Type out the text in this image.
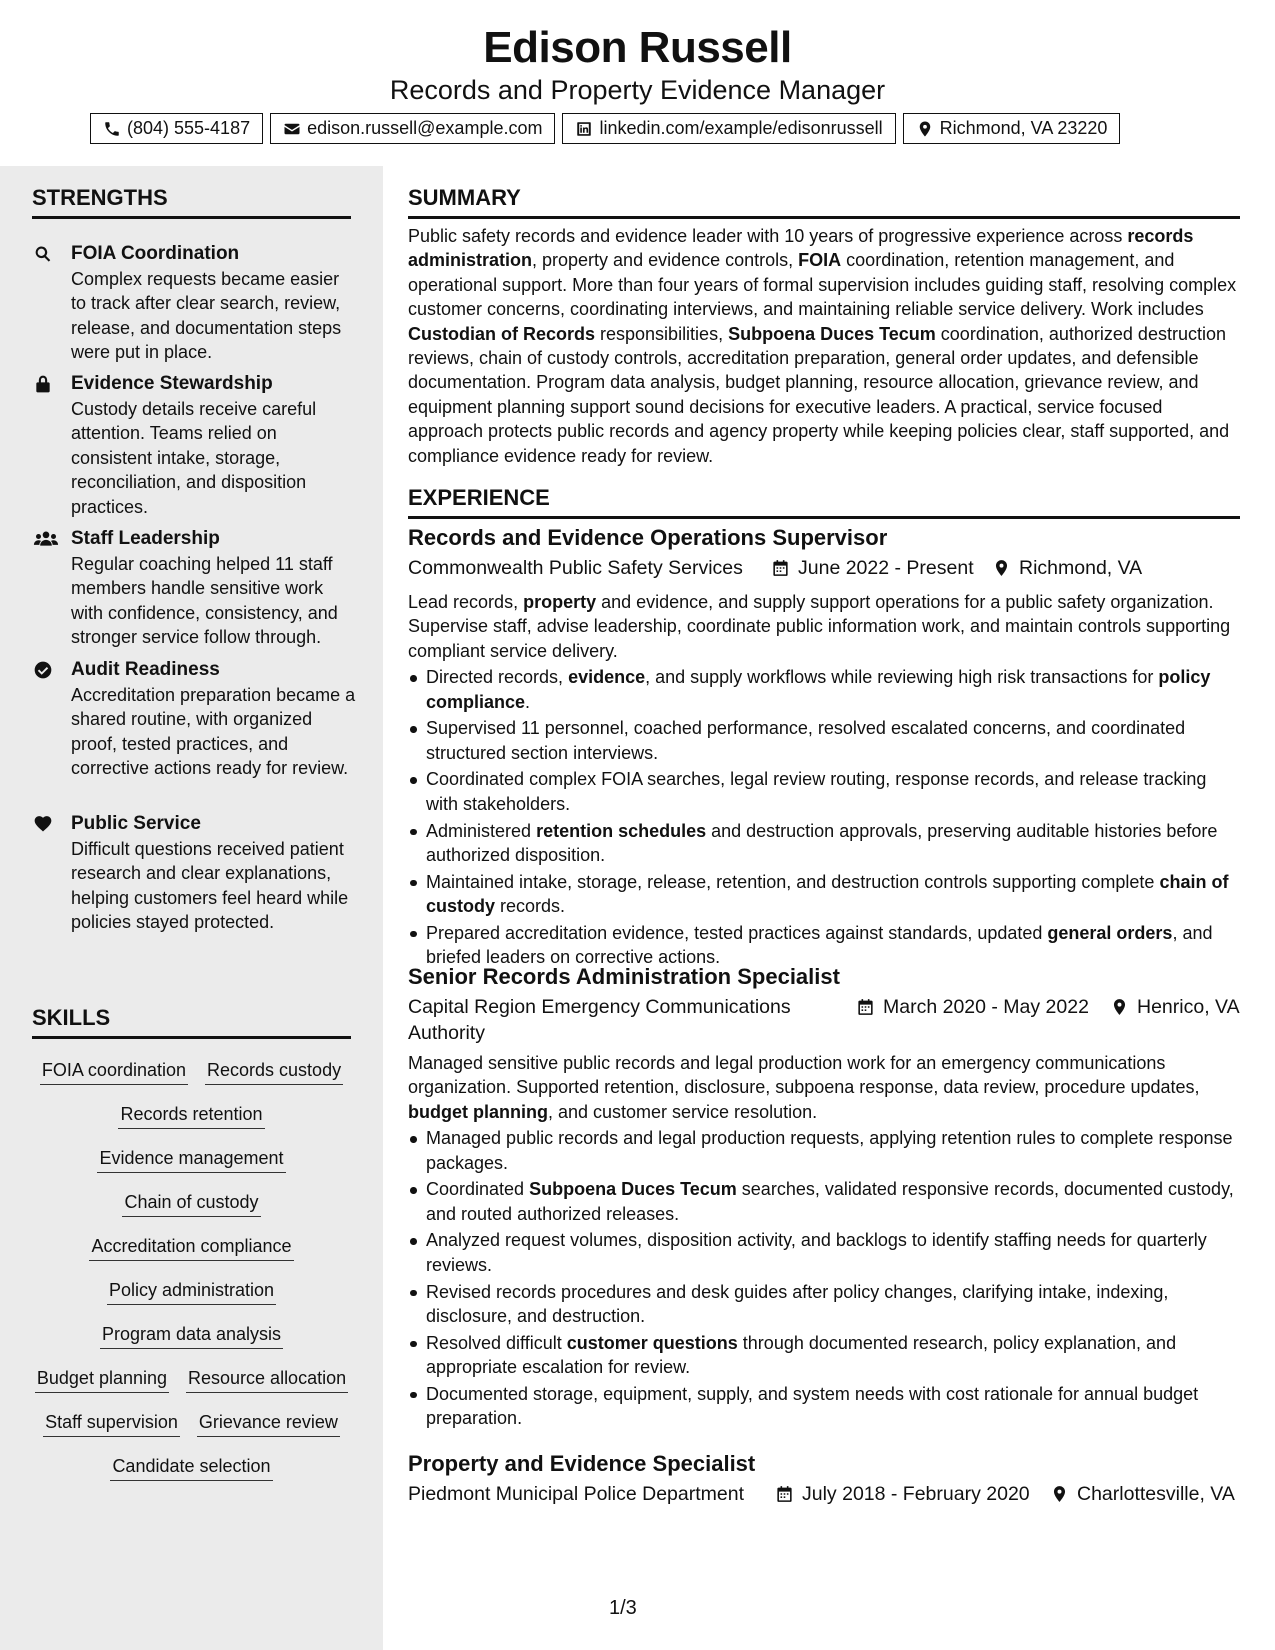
Edison Russell
Records and Property Evidence Manager
(804) 555-4187	edison.russell@example.com	linkedin.com/example/edisonrussell	Richmond, VA 23220
STRENGTHS
FOIA Coordination
Complex requests became easier to track after clear search, review, release, and documentation steps were put in place.
Evidence Stewardship
Custody details receive careful attention. Teams relied on consistent intake, storage, reconciliation, and disposition practices.
Staff Leadership
Regular coaching helped 11 staff members handle sensitive work with confidence, consistency, and stronger service follow through.
Audit Readiness
Accreditation preparation became a shared routine, with organized proof, tested practices, and corrective actions ready for review.
Public Service
Difficult questions received patient research and clear explanations, helping customers feel heard while policies stayed protected.
SKILLS
FOIA coordination Records custody
Records retention
Evidence management
Chain of custody
Accreditation compliance
Policy administration
Program data analysis
Budget planning Resource allocation
Staff supervision Grievance review
Candidate selection
SUMMARY
Public safety records and evidence leader with 10 years of progressive experience across records administration, property and evidence controls, FOIA coordination, retention management, and operational support. More than four years of formal supervision includes guiding staff, resolving complex customer concerns, coordinating interviews, and maintaining reliable service delivery. Work includes Custodian of Records responsibilities, Subpoena Duces Tecum coordination, authorized destruction reviews, chain of custody controls, accreditation preparation, general order updates, and defensible documentation. Program data analysis, budget planning, resource allocation, grievance review, and equipment planning support sound decisions for executive leaders. A practical, service focused approach protects public records and agency property while keeping policies clear, staff supported, and compliance evidence ready for review.
EXPERIENCE
Records and Evidence Operations Supervisor
Commonwealth Public Safety Services	June 2022 - Present Richmond, VA
Lead records, property and evidence, and supply support operations for a public safety organization. Supervise staff, advise leadership, coordinate public information work, and maintain controls supporting compliant service delivery.
Directed records, evidence, and supply workflows while reviewing high risk transactions for policy compliance.
Supervised 11 personnel, coached performance, resolved escalated concerns, and coordinated structured section interviews.
Coordinated complex FOIA searches, legal review routing, response records, and release tracking with stakeholders.
Administered retention schedules and destruction approvals, preserving auditable histories before authorized disposition.
Maintained intake, storage, release, retention, and destruction controls supporting complete chain of custody records.
Prepared accreditation evidence, tested practices against standards, updated general orders, and briefed leaders on corrective actions.
Senior Records Administration Specialist
Capital Region Emergency Communications Authority
March 2020 - May 2022 Henrico, VA
Managed sensitive public records and legal production work for an emergency communications organization. Supported retention, disclosure, subpoena response, data review, procedure updates, budget planning, and customer service resolution.
Managed public records and legal production requests, applying retention rules to complete response packages.
Coordinated Subpoena Duces Tecum searches, validated responsive records, documented custody, and routed authorized releases.
Analyzed request volumes, disposition activity, and backlogs to identify staffing needs for quarterly reviews.
Revised records procedures and desk guides after policy changes, clarifying intake, indexing, disclosure, and destruction.
Resolved difficult customer questions through documented research, policy explanation, and appropriate escalation for review.
Documented storage, equipment, supply, and system needs with cost rationale for annual budget preparation.
Property and Evidence Specialist
Piedmont Municipal Police Department	July 2018 - February 2020 Charlottesville, VA
1/3
